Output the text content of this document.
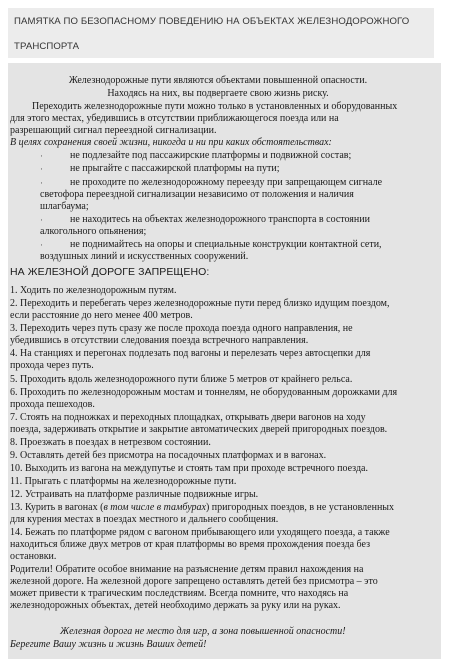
ПАМЯТКА ПО БЕЗОПАСНОМУ ПОВЕДЕНИЮ НА ОБЪЕКТАХ ЖЕЛЕЗНОДОРОЖНОГО
ТРАНСПОРТА
Железнодорожные пути являются объектами повышенной опасности.
Находясь на них, вы подвергаете свою жизнь риску.
Переходить железнодорожные пути можно только в установленных и оборудованных
для этого местах, убедившись в отсутствии приближающегося поезда или на
разрешающий сигнал переездной сигнализации.
В целях сохранения своей жизни, никогда и ни при каких обстоятельствах:
·	не подлезайте под пассажирские платформы и подвижной состав;
·	не прыгайте с пассажирской платформы на пути;
·	не проходите по железнодорожному переезду при запрещающем сигнале
светофора переездной сигнализации независимо от положения и наличия
шлагбаума;
·	не находитесь на объектах железнодорожного транспорта в состоянии
алкогольного опьянения;
·	не поднимайтесь на опоры и специальные конструкции контактной сети,
воздушных линий и искусственных сооружений.
НА ЖЕЛЕЗНОЙ ДОРОГЕ ЗАПРЕЩЕНО:
1. Ходить по железнодорожным путям.
2. Переходить и перебегать через железнодорожные пути перед близко идущим поездом,
если расстояние до него менее 400 метров.
3. Переходить через путь сразу же после прохода поезда одного направления, не
убедившись в отсутствии следования поезда встречного направления.
4. На станциях и перегонах подлезать под вагоны и перелезать через автосцепки для
прохода через путь.
5. Проходить вдоль железнодорожного пути ближе 5 метров от крайнего рельса.
6. Проходить по железнодорожным мостам и тоннелям, не оборудованным дорожками для
прохода пешеходов.
7. Стоять на подножках и переходных площадках, открывать двери вагонов на ходу
поезда, задерживать открытие и закрытие автоматических дверей пригородных поездов.
8. Проезжать в поездах в нетрезвом состоянии.
9. Оставлять детей без присмотра на посадочных платформах и в вагонах.
10. Выходить из вагона на междупутье и стоять там при проходе встречного поезда.
11. Прыгать с платформы на железнодорожные пути.
12. Устраивать на платформе различные подвижные игры.
13. Курить в вагонах (в том числе в тамбурах) пригородных поездов, в не установленных
для курения местах в поездах местного и дальнего сообщения.
14. Бежать по платформе рядом с вагоном прибывающего или уходящего поезда, а также
находиться ближе двух метров от края платформы во время прохождения поезда без
остановки.
Родители! Обратите особое внимание на разъяснение детям правил нахождения на
железной дороге. На железной дороге запрещено оставлять детей без присмотра – это
может привести к трагическим последствиям. Всегда помните, что находясь на
железнодорожных объектах, детей необходимо держать за руку или на руках.
Железная дорога не место для игр, а зона повышенной опасности!
Берегите Вашу жизнь и жизнь Ваших детей!
